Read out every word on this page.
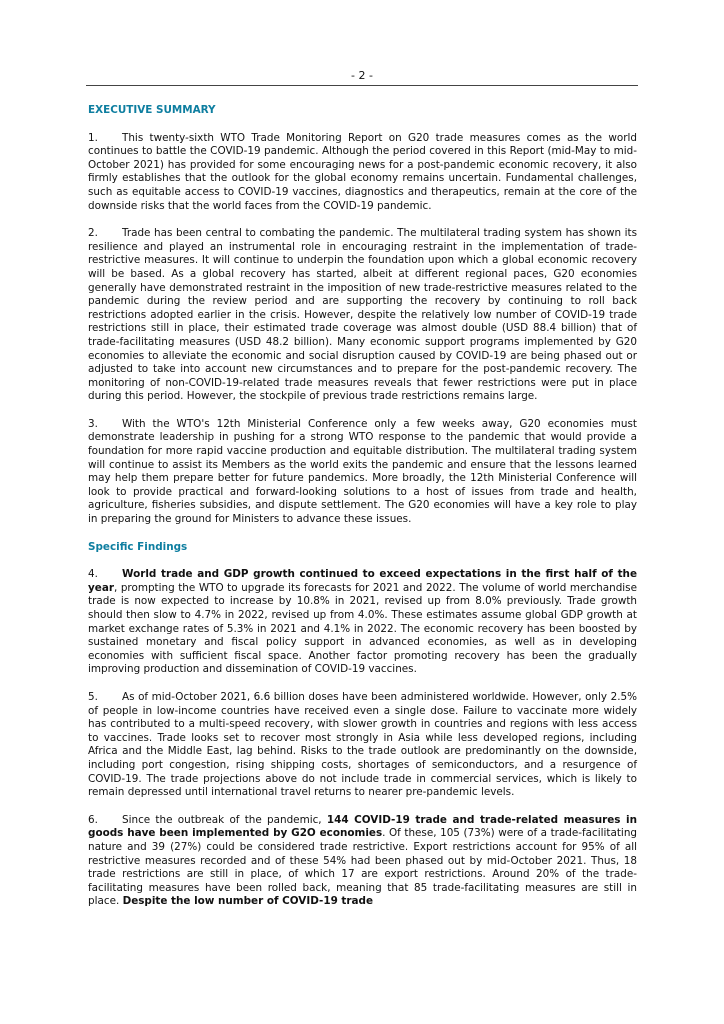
- 2 -
EXECUTIVE SUMMARY

1. This twenty-sixth WTO Trade Monitoring Report on G20 trade measures comes as the world continues to battle the COVID-19 pandemic. Although the period covered in this Report (mid-May to mid-October 2021) has provided for some encouraging news for a post-pandemic economic recovery, it also firmly establishes that the outlook for the global economy remains uncertain. Fundamental challenges, such as equitable access to COVID-19 vaccines, diagnostics and therapeutics, remain at the core of the downside risks that the world faces from the COVID-19 pandemic.

2. Trade has been central to combating the pandemic. The multilateral trading system has shown its resilience and played an instrumental role in encouraging restraint in the implementation of trade-restrictive measures. It will continue to underpin the foundation upon which a global economic recovery will be based. As a global recovery has started, albeit at different regional paces, G20 economies generally have demonstrated restraint in the imposition of new trade-restrictive measures related to the pandemic during the review period and are supporting the recovery by continuing to roll back restrictions adopted earlier in the crisis. However, despite the relatively low number of COVID-19 trade restrictions still in place, their estimated trade coverage was almost double (USD 88.4 billion) that of trade-facilitating measures (USD 48.2 billion). Many economic support programs implemented by G20 economies to alleviate the economic and social disruption caused by COVID-19 are being phased out or adjusted to take into account new circumstances and to prepare for the post-pandemic recovery. The monitoring of non-COVID-19-related trade measures reveals that fewer restrictions were put in place during this period. However, the stockpile of previous trade restrictions remains large.

3. With the WTO's 12th Ministerial Conference only a few weeks away, G20 economies must demonstrate leadership in pushing for a strong WTO response to the pandemic that would provide a foundation for more rapid vaccine production and equitable distribution. The multilateral trading system will continue to assist its Members as the world exits the pandemic and ensure that the lessons learned may help them prepare better for future pandemics. More broadly, the 12th Ministerial Conference will look to provide practical and forward-looking solutions to a host of issues from trade and health, agriculture, fisheries subsidies, and dispute settlement. The G20 economies will have a key role to play in preparing the ground for Ministers to advance these issues.

Specific Findings

4. World trade and GDP growth continued to exceed expectations in the first half of the year, prompting the WTO to upgrade its forecasts for 2021 and 2022. The volume of world merchandise trade is now expected to increase by 10.8% in 2021, revised up from 8.0% previously. Trade growth should then slow to 4.7% in 2022, revised up from 4.0%. These estimates assume global GDP growth at market exchange rates of 5.3% in 2021 and 4.1% in 2022. The economic recovery has been boosted by sustained monetary and fiscal policy support in advanced economies, as well as in developing economies with sufficient fiscal space. Another factor promoting recovery has been the gradually improving production and dissemination of COVID-19 vaccines.

5. As of mid-October 2021, 6.6 billion doses have been administered worldwide. However, only 2.5% of people in low-income countries have received even a single dose. Failure to vaccinate more widely has contributed to a multi-speed recovery, with slower growth in countries and regions with less access to vaccines. Trade looks set to recover most strongly in Asia while less developed regions, including Africa and the Middle East, lag behind. Risks to the trade outlook are predominantly on the downside, including port congestion, rising shipping costs, shortages of semiconductors, and a resurgence of COVID-19. The trade projections above do not include trade in commercial services, which is likely to remain depressed until international travel returns to nearer pre-pandemic levels.

6. Since the outbreak of the pandemic, 144 COVID-19 trade and trade-related measures in goods have been implemented by G2O economies. Of these, 105 (73%) were of a trade-facilitating nature and 39 (27%) could be considered trade restrictive. Export restrictions account for 95% of all restrictive measures recorded and of these 54% had been phased out by mid-October 2021. Thus, 18 trade restrictions are still in place, of which 17 are export restrictions. Around 20% of the trade-facilitating measures have been rolled back, meaning that 85 trade-facilitating measures are still in place. Despite the low number of COVID-19 trade
